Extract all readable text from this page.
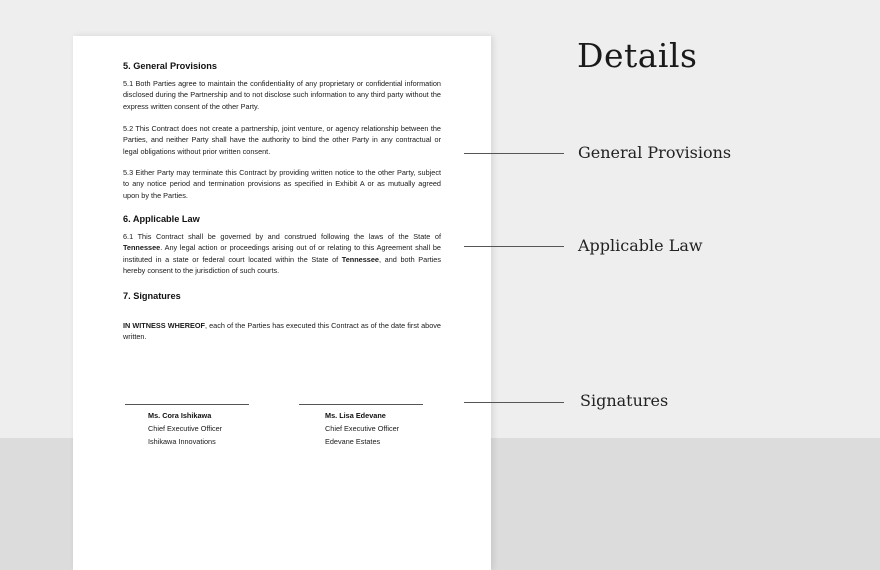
5. General Provisions

5.1 Both Parties agree to maintain the confidentiality of any proprietary or confidential information disclosed during the Partnership and to not disclose such information to any third party without the express written consent of the other Party.

5.2 This Contract does not create a partnership, joint venture, or agency relationship between the Parties, and neither Party shall have the authority to bind the other Party in any contractual or legal obligations without prior written consent.

5.3 Either Party may terminate this Contract by providing written notice to the other Party, subject to any notice period and termination provisions as specified in Exhibit A or as mutually agreed upon by the Parties.

6. Applicable Law

6.1 This Contract shall be governed by and construed following the laws of the State of Tennessee. Any legal action or proceedings arising out of or relating to this Agreement shall be instituted in a state or federal court located within the State of Tennessee, and both Parties hereby consent to the jurisdiction of such courts.

7. Signatures

IN WITNESS WHEREOF, each of the Parties has executed this Contract as of the date first above written.

Ms. Cora Ishikawa
Chief Executive Officer
Ishikawa Innovations
Ms. Lisa Edevane
Chief Executive Officer
Edevane Estates
Details
General Provisions
Applicable Law
Signatures
